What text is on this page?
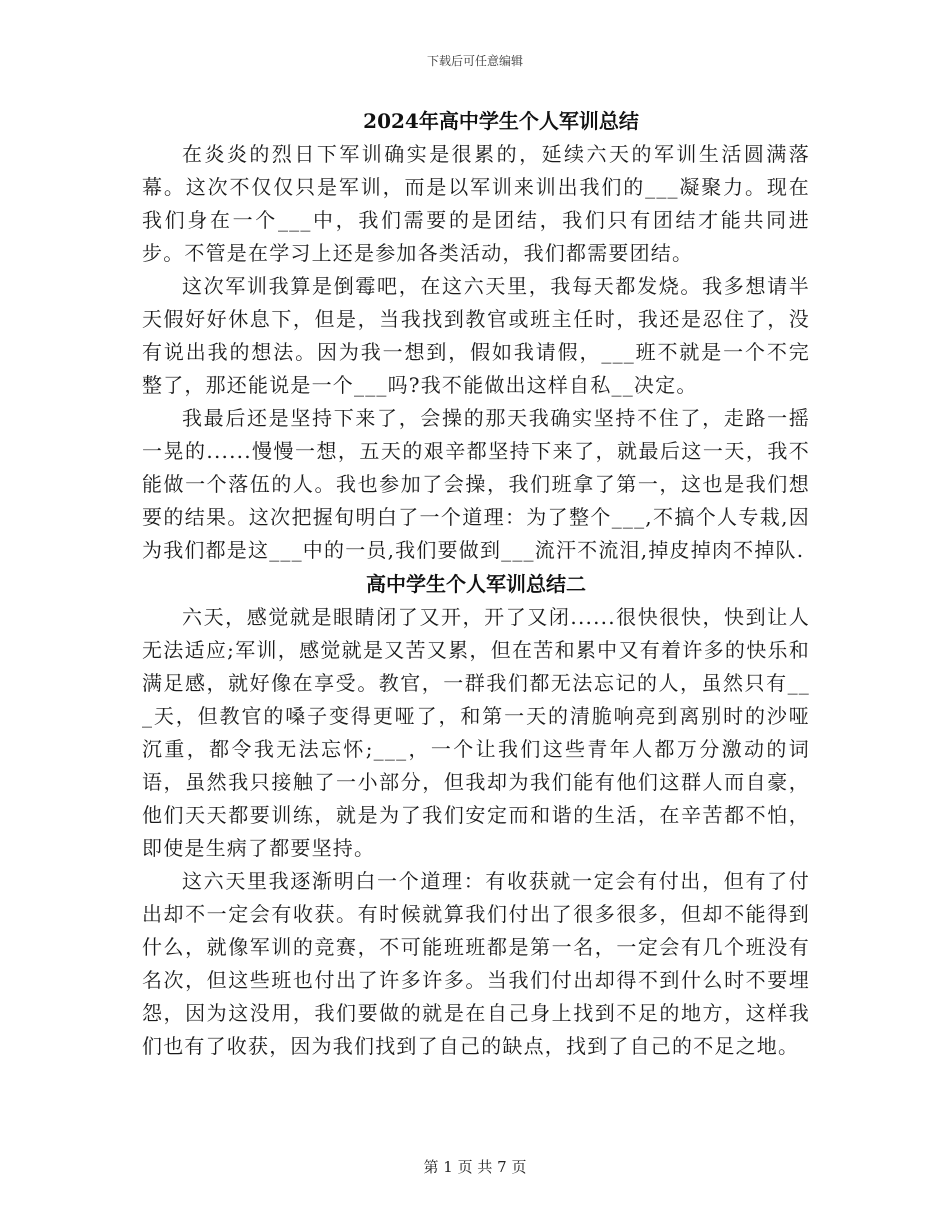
下载后可任意编辑
2024年高中学生个人军训总结

在炎炎的烈日下军训确实是很累的，延续六天的军训生活圆满落幕。这次不仅仅只是军训，而是以军训来训出我们的___凝聚力。现在我们身在一个___中，我们需要的是团结，我们只有团结才能共同进步。不管是在学习上还是参加各类活动，我们都需要团结。

这次军训我算是倒霉吧，在这六天里，我每天都发烧。我多想请半天假好好休息下，但是，当我找到教官或班主任时，我还是忍住了，没有说出我的想法。因为我一想到，假如我请假，___班不就是一个不完整了，那还能说是一个___吗?我不能做出这样自私__决定。

我最后还是坚持下来了，会操的那天我确实坚持不住了，走路一摇一晃的......慢慢一想，五天的艰辛都坚持下来了，就最后这一天，我不能做一个落伍的人。我也参加了会操，我们班拿了第一，这也是我们想要的结果。这次把握旬明白了一个道理：为了整个___,不搞个人专栽,因为我们都是这___中的一员,我们要做到___流汗不流泪,掉皮掉肉不掉队.

高中学生个人军训总结二

六天，感觉就是眼睛闭了又开，开了又闭......很快很快，快到让人无法适应;军训，感觉就是又苦又累，但在苦和累中又有着许多的快乐和满足感，就好像在享受。教官，一群我们都无法忘记的人，虽然只有___天，但教官的嗓子变得更哑了，和第一天的清脆响亮到离别时的沙哑沉重，都令我无法忘怀;___，一个让我们这些青年人都万分激动的词语，虽然我只接触了一小部分，但我却为我们能有他们这群人而自豪，他们天天都要训练，就是为了我们安定而和谐的生活，在辛苦都不怕，即使是生病了都要坚持。

这六天里我逐渐明白一个道理：有收获就一定会有付出，但有了付出却不一定会有收获。有时候就算我们付出了很多很多，但却不能得到什么，就像军训的竞赛，不可能班班都是第一名，一定会有几个班没有名次，但这些班也付出了许多许多。当我们付出却得不到什么时不要埋怨，因为这没用，我们要做的就是在自己身上找到不足的地方，这样我们也有了收获，因为我们找到了自己的缺点，找到了自己的不足之地。

第 1 页 共 7 页
